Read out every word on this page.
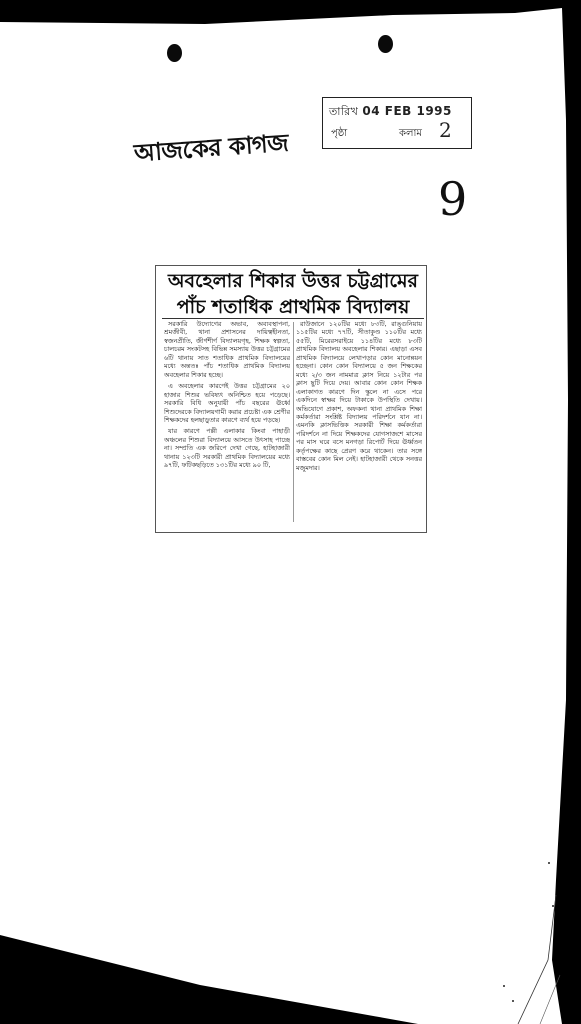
তারিখ 04 FEB 1995
পৃষ্ঠা	কলাম 2
আজকের কাগজ
9
অবহেলার শিকার উত্তর চট্টগ্রামের
পাঁচ শতাধিক প্রাথমিক বিদ্যালয়

সরকারি উদ্যোগের অভাব, অব্যবস্থাপনা, শ্রমজীবী, থানা প্রশাসনের দায়িত্বহীনতা, স্বজনপ্রীতি, জীর্ণশীর্ণ বিদ্যালয়গৃহ, শিক্ষক স্বল্পতা, চালচরম সংকটসহ বিভিন্ন সমস্যায় উত্তর চট্টগ্রামের ৬টি থানায় সাত শতাধিক প্রাথমিক বিদ্যালয়ের মধ্যে অন্ততঃ পাঁচ শতাধিক প্রাথমিক বিদ্যালয় অবহেলার শিকার হচ্ছে।

এ অবহেলার কারণেই উত্তর চট্টগ্রামের ২০ হাজার শিশুর ভবিষ্যৎ অনিশ্চিত হয়ে পড়েছে। সরকারি বিধি অনুযায়ী পাঁচ বছরের ঊর্ধ্বে শিশুদেরকে বিদ্যালয়গামী করার প্রচেষ্টা এক শ্রেণীর শিক্ষকদের হলছাড়ুতার কারণে ব্যর্থ হয়ে পড়ছে।

যার কারণে পল্লী এলাকার কিংবা পাহাড়ী অঞ্চলের শিশুরা বিদ্যালয়ে আসতে উৎসাহ পাচ্ছে না। সম্প্রতি এক জরিপে দেখা গেছে, হাটহাজারী থানায় ১২৩টি সরকারী প্রাথমিক বিদ্যালয়ের মধ্যে ৯৭টি, ফটিকছড়িতে ১৩১টির মধ্যে ৯০ টি,

রাউজানে ১২০টির মধ্যে ৮৩টি, রাঙ্গুনিয়ায় ১১৫টির মধ্যে ৭৭টি, সীতাকুণ্ড ১১০টির মধ্যে ৫৫টি, মিরেরসরাইয়ে ১১৪টির মধ্যে ৮৩টি প্রাথমিক বিদ্যালয় অবহেলার শিকার। এছাড়া এসব প্রাথমিক বিদ্যালয়ে লেখাপড়ার কোন মানোন্নয়ন হচ্ছেনা। কোন কোন বিদ্যালয়ে ৫ জন শিক্ষকের মধ্যে ২/৩ জন নামমাত্র ক্লাস নিয়ে ১২টার পর ক্লাস ছুটি দিয়ে দেয়। আবার কোন কোন শিক্ষক এলাকাগত কারণে দিন স্কুলে না এসে পরে একদিনে স্বাক্ষর দিয়ে টাকাকে উপস্থিতি দেখায়। অভিযোগে প্রকাশ, অফকনা থানা প্রাথমিক শিক্ষা কর্মকর্তারা সংশ্লিষ্ট বিদ্যালয় পরিদর্শনে যান না। এমনকি ক্লাসভিত্তিক সরকারী শিক্ষা কর্মকর্তারা পরিদর্শনে না দিয়ে শিক্ষকদের যোগসাজশে মাসের পর মাস ঘরে বসে মনগড়া রিপোর্ট দিয়ে ঊর্ধ্বতন কর্তৃপক্ষের কাছে প্রেরণ করে থাকেন। তার সঙ্গে বাস্তবের কোন মিল নেই। হাটহাজারী থেকে সনত্তর মজুমদার।
